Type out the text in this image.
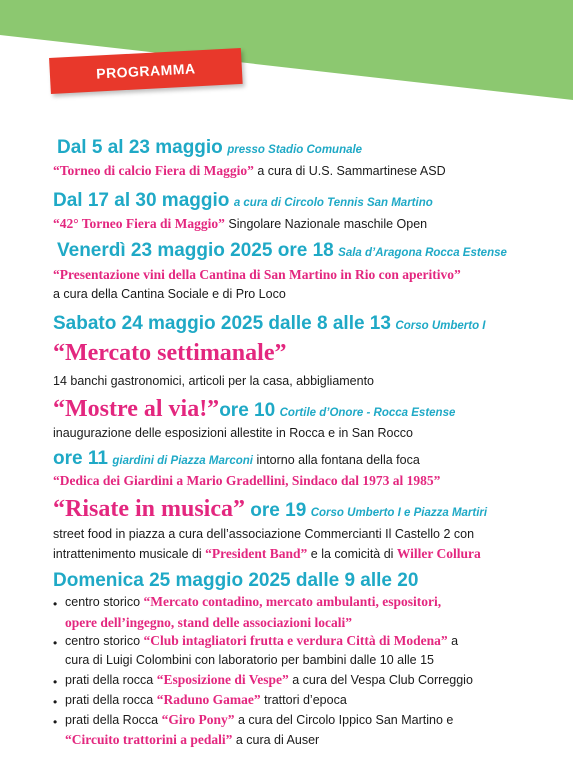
PROGRAMMA
Dal 5 al 23 maggio presso Stadio Comunale
“Torneo di calcio Fiera di Maggio” a cura di U.S. Sammartinese ASD
Dal 17 al 30 maggio a cura di Circolo Tennis San Martino
“42° Torneo Fiera di Maggio” Singolare Nazionale maschile Open
Venerdì 23 maggio 2025 ore 18 Sala d’Aragona Rocca Estense
“Presentazione vini della Cantina di San Martino in Rio con aperitivo”
a cura della Cantina Sociale e di Pro Loco
Sabato 24 maggio 2025 dalle 8 alle 13 Corso Umberto I
“Mercato settimanale”
14 banchi gastronomici, articoli per la casa, abbigliamento
“Mostre al via!”ore 10 Cortile d’Onore - Rocca Estense
inaugurazione delle esposizioni allestite in Rocca e in San Rocco
ore 11 giardini di Piazza Marconi intorno alla fontana della foca
“Dedica dei Giardini a Mario Gradellini, Sindaco dal 1973 al 1985”
“Risate in musica” ore 19 Corso Umberto I e Piazza Martiri
street food in piazza a cura dell’associazione Commercianti Il Castello 2 con
intrattenimento musicale di “President Band” e la comicità di Willer Collura
Domenica 25 maggio 2025 dalle 9 alle 20
• centro storico “Mercato contadino, mercato ambulanti, espositori,
opere dell’ingegno, stand delle associazioni locali”
• centro storico “Club intagliatori frutta e verdura Città di Modena” a
cura di Luigi Colombini con laboratorio per bambini dalle 10 alle 15
• prati della rocca “Esposizione di Vespe” a cura del Vespa Club Correggio
• prati della rocca “Raduno Gamae” trattori d’epoca
• prati della Rocca “Giro Pony” a cura del Circolo Ippico San Martino e
“Circuito trattorini a pedali” a cura di Auser
